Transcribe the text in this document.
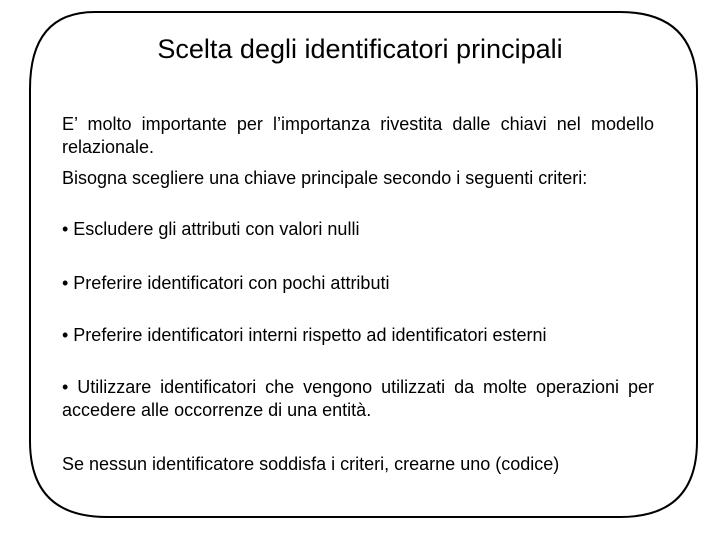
Scelta degli identificatori principali
E’ molto importante per l’importanza rivestita dalle chiavi nel modello relazionale.
Bisogna scegliere una chiave principale secondo i seguenti criteri:
• Escludere gli attributi con valori nulli
• Preferire identificatori con pochi attributi
• Preferire identificatori interni rispetto ad identificatori esterni
• Utilizzare identificatori che vengono utilizzati da molte operazioni per accedere alle occorrenze di una entità.
Se nessun identificatore soddisfa i criteri, crearne uno (codice)
